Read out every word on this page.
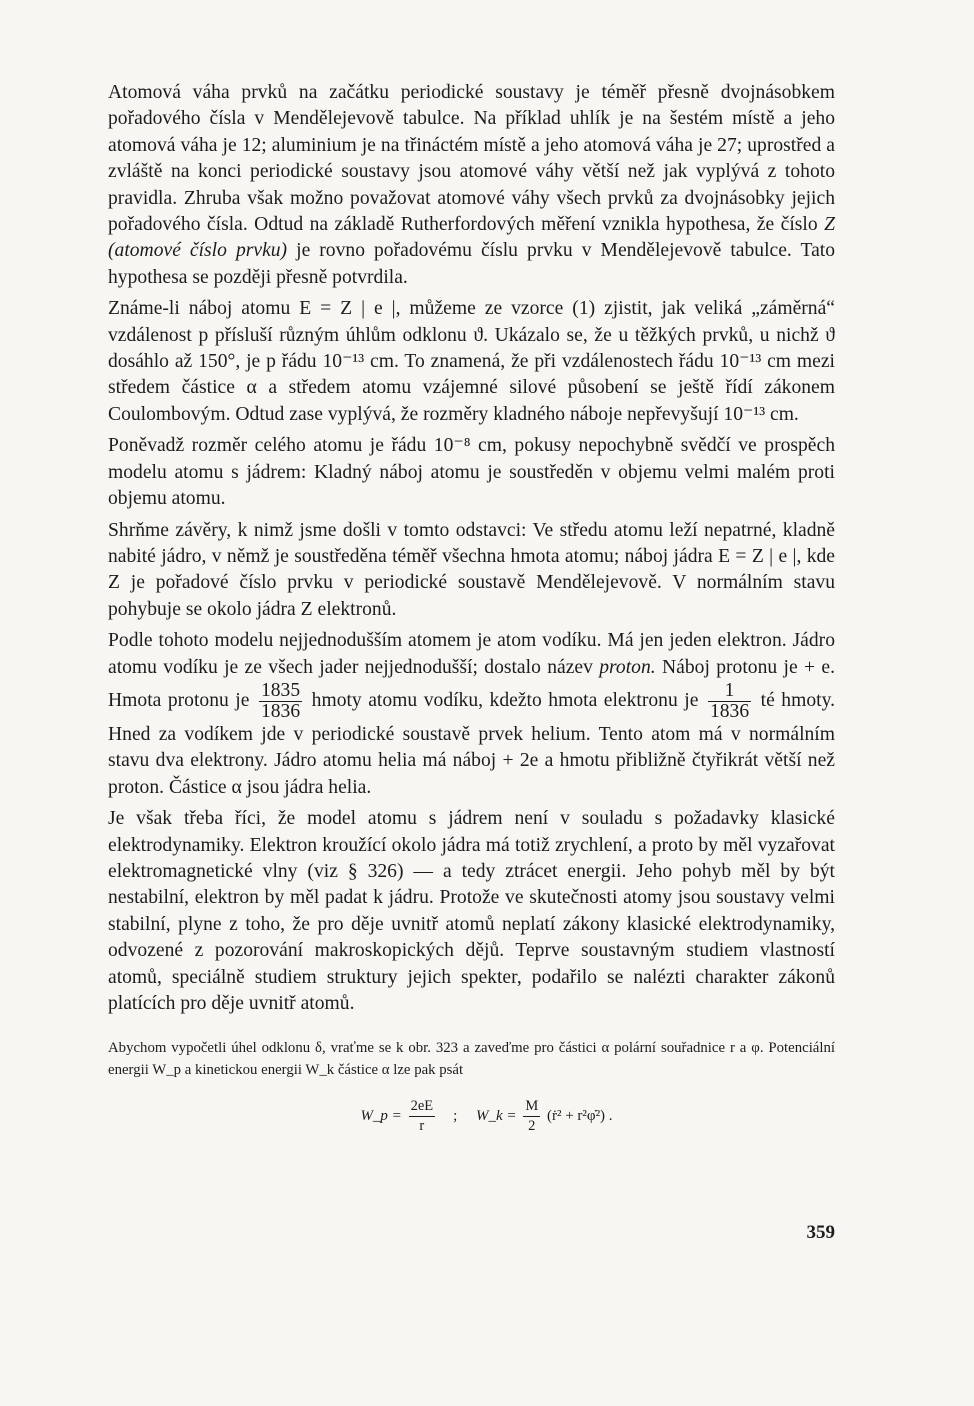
Atomová váha prvků na začátku periodické soustavy je téměř přesně dvojnásobkem pořadového čísla v Mendělejevově tabulce. Na příklad uhlík je na šestém místě a jeho atomová váha je 12; aluminium je na třináctém místě a jeho atomová váha je 27; uprostřed a zvláště na konci periodické soustavy jsou atomové váhy větší než jak vyplývá z tohoto pravidla. Zhruba však možno považovat atomové váhy všech prvků za dvojnásobky jejich pořadového čísla. Odtud na základě Rutherfordových měření vznikla hypothesa, že číslo Z (atomové číslo prvku) je rovno pořadovému číslu prvku v Mendělejevově tabulce. Tato hypothesa se později přesně potvrdila.

Známe-li náboj atomu E = Z | e |, můžeme ze vzorce (1) zjistit, jak veliká „záměrná“ vzdálenost p přísluší různým úhlům odklonu ϑ. Ukázalo se, že u těžkých prvků, u nichž ϑ dosáhlo až 150°, je p řádu 10⁻¹³ cm. To znamená, že při vzdálenostech řádu 10⁻¹³ cm mezi středem částice α a středem atomu vzájemné silové působení se ještě řídí zákonem Coulombovým. Odtud zase vyplývá, že rozměry kladného náboje nepřevyšují 10⁻¹³ cm.

Poněvadž rozměr celého atomu je řádu 10⁻⁸ cm, pokusy nepochybně svědčí ve prospěch modelu atomu s jádrem: Kladný náboj atomu je soustředěn v objemu velmi malém proti objemu atomu.

Shrňme závěry, k nimž jsme došli v tomto odstavci: Ve středu atomu leží nepatrné, kladně nabité jádro, v němž je soustředěna téměř všechna hmota atomu; náboj jádra E = Z | e |, kde Z je pořadové číslo prvku v periodické soustavě Mendělejevově. V normálním stavu pohybuje se okolo jádra Z elektronů.

Podle tohoto modelu nejjednodušším atomem je atom vodíku. Má jen jeden elektron. Jádro atomu vodíku je ze všech jader nejjednodušší; dostalo název proton. Náboj protonu je + e. Hmota protonu je $\frac{1835}{1836}$ hmoty atomu vodíku, kdežto hmota elektronu je $\frac{1}{1836}$ té hmoty. Hned za vodíkem jde v periodické soustavě prvek helium. Tento atom má v normálním stavu dva elektrony. Jádro atomu helia má náboj + 2e a hmotu přibližně čtyřikrát větší než proton. Částice α jsou jádra helia.

Je však třeba říci, že model atomu s jádrem není v souladu s požadavky klasické elektrodynamiky. Elektron kroužící okolo jádra má totiž zrychlení, a proto by měl vyzařovat elektromagnetické vlny (viz § 326) — a tedy ztrácet energii. Jeho pohyb měl by být nestabilní, elektron by měl padat k jádru. Protože ve skutečnosti atomy jsou soustavy velmi stabilní, plyne z toho, že pro děje uvnitř atomů neplatí zákony klasické elektrodynamiky, odvozené z pozorování makroskopických dějů. Teprve soustavným studiem vlastností atomů, speciálně studiem struktury jejich spekter, podařilo se nalézti charakter zákonů platících pro děje uvnitř atomů.

Abychom vypočetli úhel odklonu δ, vraťme se k obr. 323 a zaveďme pro částici α polární souřadnice r a φ. Potenciální energii W_p a kinetickou energii W_k částice α lze pak psát

W_p = $\frac{2eE}{r}$ ; W_k = $\frac{M}{2}$ (ṙ² + r²φ̇²) .
359
